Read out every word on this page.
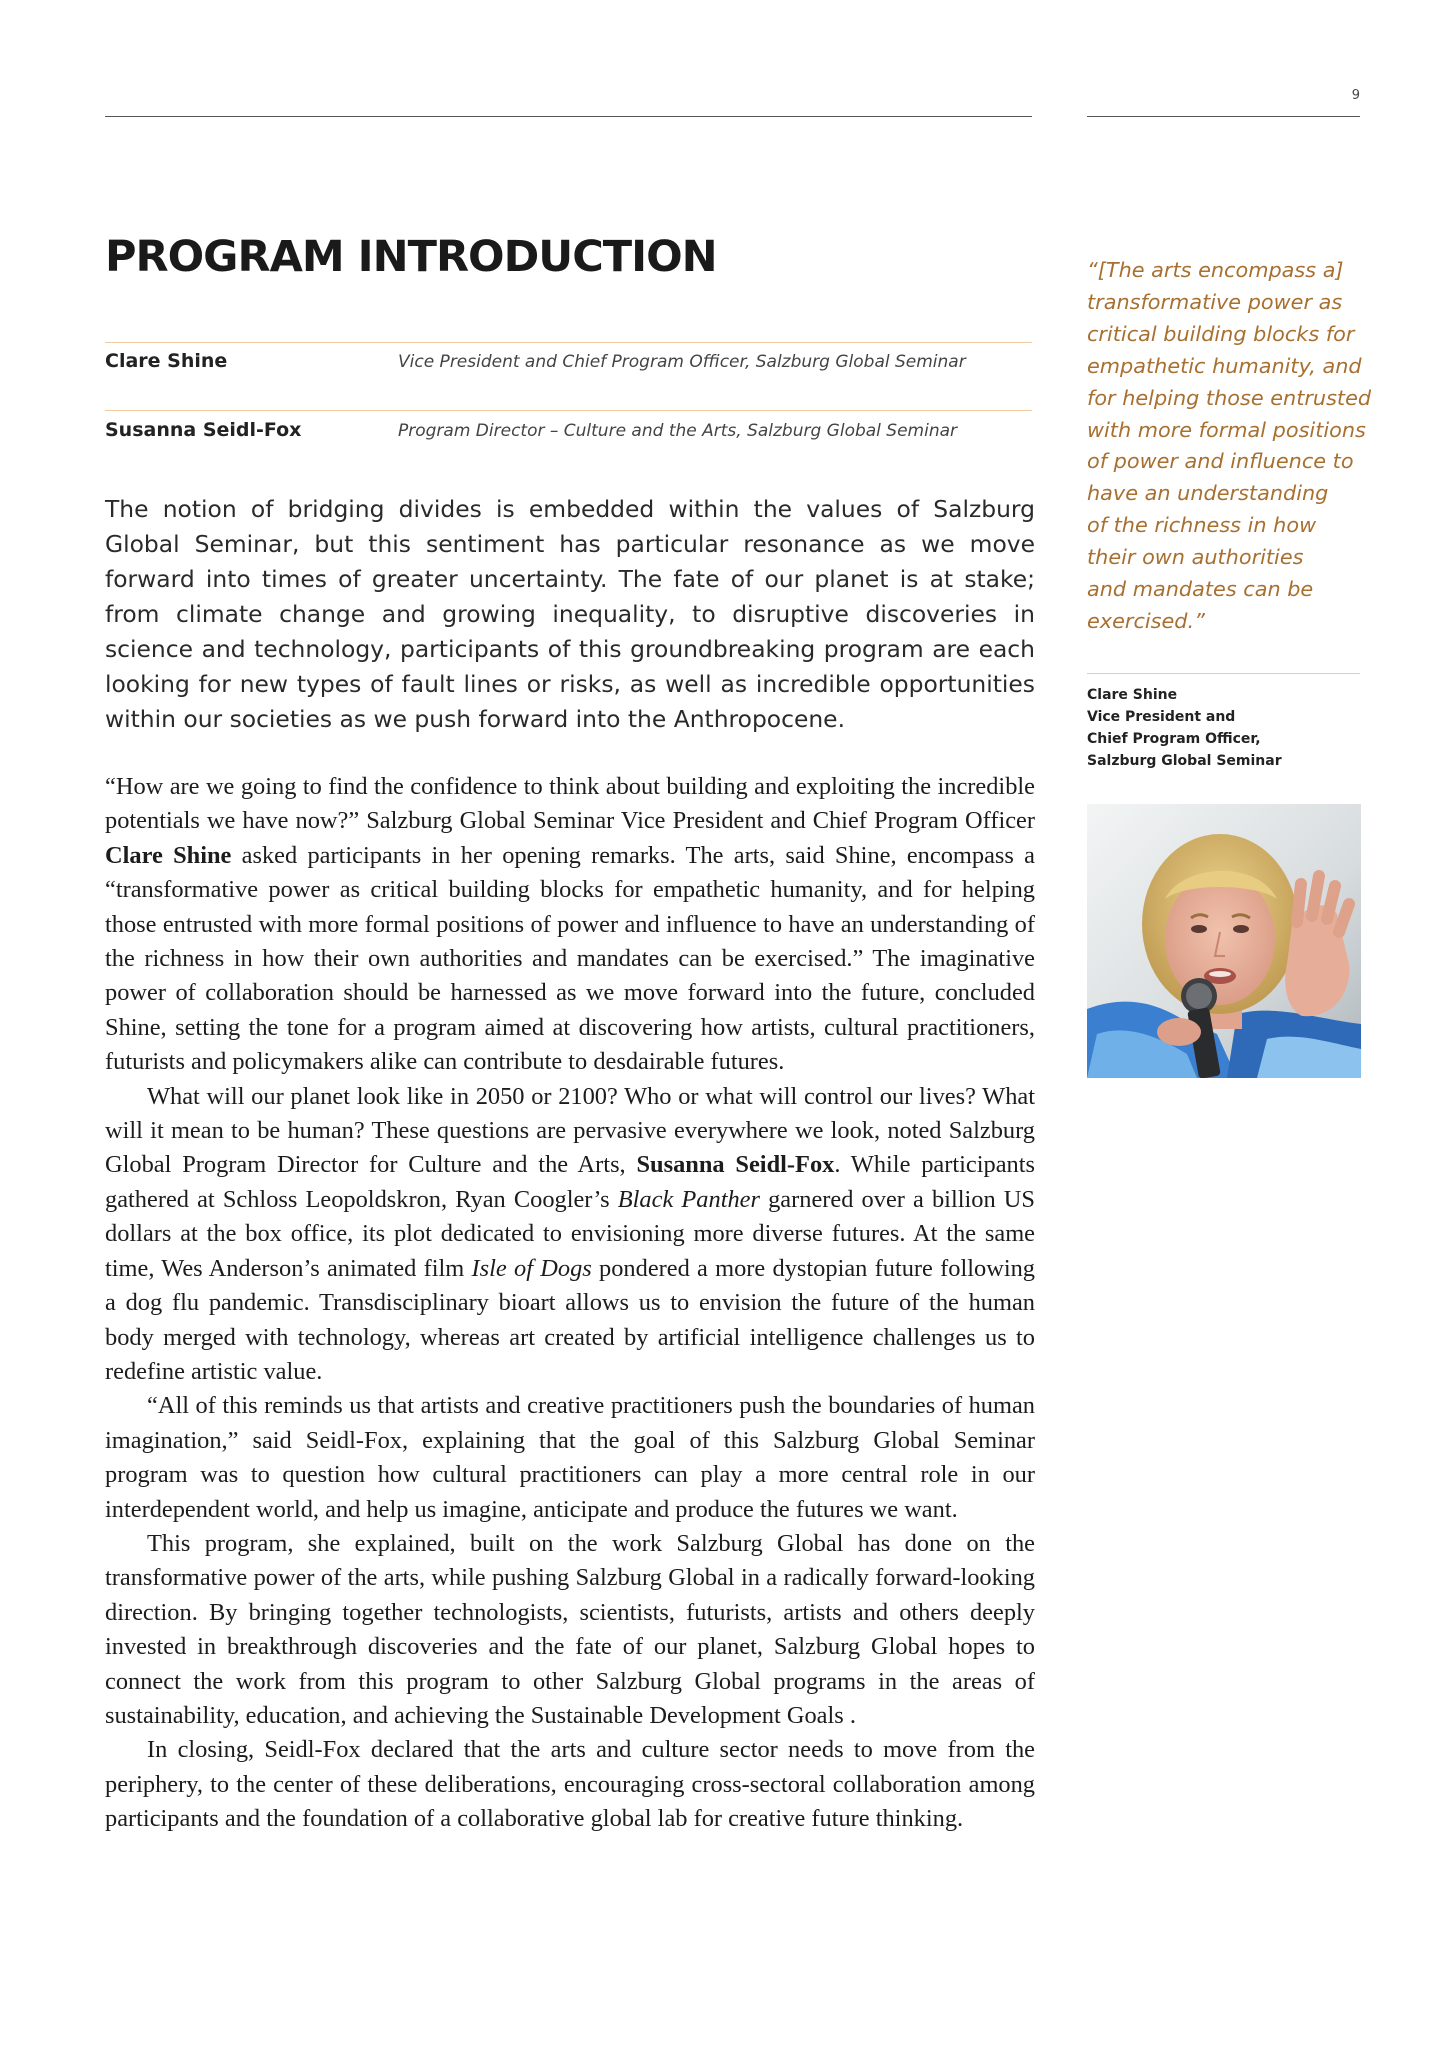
9
PROGRAM INTRODUCTION
Clare Shine	Vice President and Chief Program Officer, Salzburg Global Seminar
Susanna Seidl-Fox	Program Director – Culture and the Arts, Salzburg Global Seminar

The notion of bridging divides is embedded within the values of Salzburg Global Seminar, but this sentiment has particular resonance as we move forward into times of greater uncertainty. The fate of our planet is at stake; from climate change and growing inequality, to disruptive discoveries in science and technology, participants of this groundbreaking program are each looking for new types of fault lines or risks, as well as incredible opportunities within our societies as we push forward into the Anthropocene.

“How are we going to find the confidence to think about building and exploiting the incredible potentials we have now?” Salzburg Global Seminar Vice President and Chief Program Officer Clare Shine asked participants in her opening remarks. The arts, said Shine, encompass a “transformative power as critical building blocks for empathetic humanity, and for helping those entrusted with more formal positions of power and influence to have an understanding of the richness in how their own authorities and mandates can be exercised.” The imaginative power of collaboration should be harnessed as we move forward into the future, concluded Shine, setting the tone for a program aimed at discovering how artists, cultural practitioners, futurists and policymakers alike can contribute to desdairable futures.

What will our planet look like in 2050 or 2100? Who or what will control our lives? What will it mean to be human? These questions are pervasive everywhere we look, noted Salzburg Global Program Director for Culture and the Arts, Susanna Seidl-Fox. While participants gathered at Schloss Leopoldskron, Ryan Coogler’s Black Panther garnered over a billion US dollars at the box office, its plot dedicated to envisioning more diverse futures. At the same time, Wes Anderson’s animated film Isle of Dogs pondered a more dystopian future following a dog flu pandemic. Transdisciplinary bioart allows us to envision the future of the human body merged with technology, whereas art created by artificial intelligence challenges us to redefine artistic value.

“All of this reminds us that artists and creative practitioners push the boundaries of human imagination,” said Seidl-Fox, explaining that the goal of this Salzburg Global Seminar program was to question how cultural practitioners can play a more central role in our interdependent world, and help us imagine, anticipate and produce the futures we want.

This program, she explained, built on the work Salzburg Global has done on the transformative power of the arts, while pushing Salzburg Global in a radically forward-looking direction. By bringing together technologists, scientists, futurists, artists and others deeply invested in breakthrough discoveries and the fate of our planet, Salzburg Global hopes to connect the work from this program to other Salzburg Global programs in the areas of sustainability, education, and achieving the Sustainable Development Goals .

In closing, Seidl-Fox declared that the arts and culture sector needs to move from the periphery, to the center of these deliberations, encouraging cross-sectoral collaboration among participants and the foundation of a collaborative global lab for creative future thinking.

“[The arts encompass a]
transformative power as
critical building blocks for
empathetic humanity, and
for helping those entrusted
with more formal positions
of power and influence to
have an understanding
of the richness in how
their own authorities
and mandates can be
exercised.”
Clare Shine
Vice President and
Chief Program Officer,
Salzburg Global Seminar
